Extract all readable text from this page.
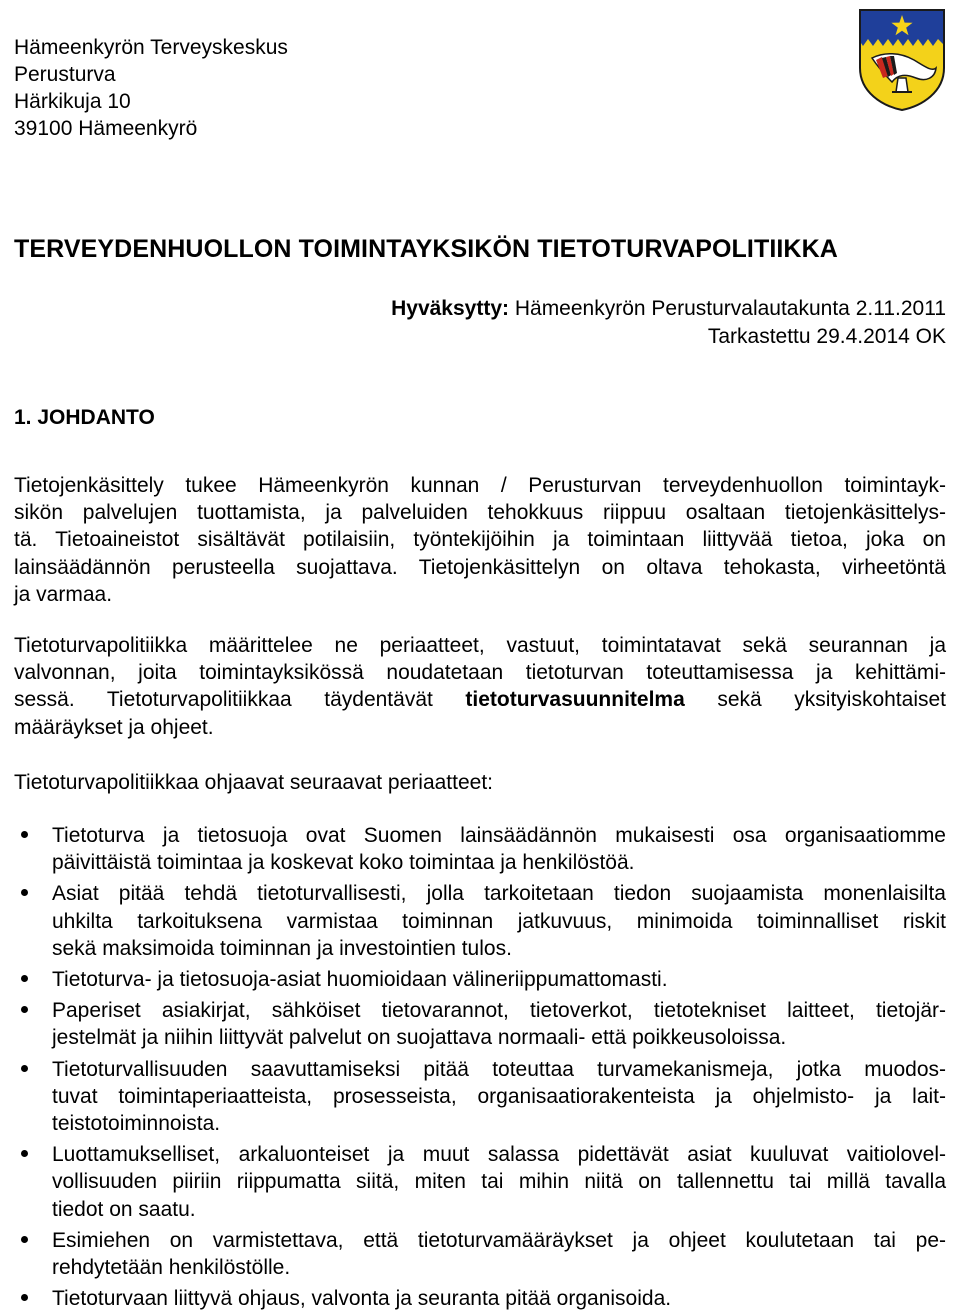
Hämeenkyrön Terveyskeskus
Perusturva
Härkikuja 10
39100 Hämeenkyrö
TERVEYDENHUOLLON TOIMINTAYKSIKÖN TIETOTURVAPOLITIIKKA
Hyväksytty: Hämeenkyrön Perusturvalautakunta 2.11.2011
Tarkastettu 29.4.2014 OK
1. JOHDANTO
Tietojenkäsittely tukee Hämeenkyrön kunnan / Perusturvan terveydenhuollon toimintayk-
sikön palvelujen tuottamista, ja palveluiden tehokkuus riippuu osaltaan tietojenkäsittelys-
tä. Tietoaineistot sisältävät potilaisiin, työntekijöihin ja toimintaan liittyvää tietoa, joka on
lainsäädännön perusteella suojattava. Tietojenkäsittelyn on oltava tehokasta, virheetöntä
ja varmaa.
Tietoturvapolitiikka määrittelee ne periaatteet, vastuut, toimintatavat sekä seurannan ja
valvonnan, joita toimintayksikössä noudatetaan tietoturvan toteuttamisessa ja kehittämi-
sessä. Tietoturvapolitiikkaa täydentävät tietoturvasuunnitelma sekä yksityiskohtaiset
määräykset ja ohjeet.
Tietoturvapolitiikkaa ohjaavat seuraavat periaatteet:
Tietoturva ja tietosuoja ovat Suomen lainsäädännön mukaisesti osa organisaatiomme
päivittäistä toimintaa ja koskevat koko toimintaa ja henkilöstöä.
Asiat pitää tehdä tietoturvallisesti, jolla tarkoitetaan tiedon suojaamista monenlaisilta
uhkilta tarkoituksena varmistaa toiminnan jatkuvuus, minimoida toiminnalliset riskit
sekä maksimoida toiminnan ja investointien tulos.
Tietoturva- ja tietosuoja-asiat huomioidaan välineriippumattomasti.
Paperiset asiakirjat, sähköiset tietovarannot, tietoverkot, tietotekniset laitteet, tietojär-
jestelmät ja niihin liittyvät palvelut on suojattava normaali- että poikkeusoloissa.
Tietoturvallisuuden saavuttamiseksi pitää toteuttaa turvamekanismeja, jotka muodos-
tuvat toimintaperiaatteista, prosesseista, organisaatiorakenteista ja ohjelmisto- ja lait-
teistotoiminnoista.
Luottamukselliset, arkaluonteiset ja muut salassa pidettävät asiat kuuluvat vaitiolovel-
vollisuuden piiriin riippumatta siitä, miten tai mihin niitä on tallennettu tai millä tavalla
tiedot on saatu.
Esimiehen on varmistettava, että tietoturvamääräykset ja ohjeet koulutetaan tai pe-
rehdytetään henkilöstölle.
Tietoturvaan liittyvä ohjaus, valvonta ja seuranta pitää organisoida.
